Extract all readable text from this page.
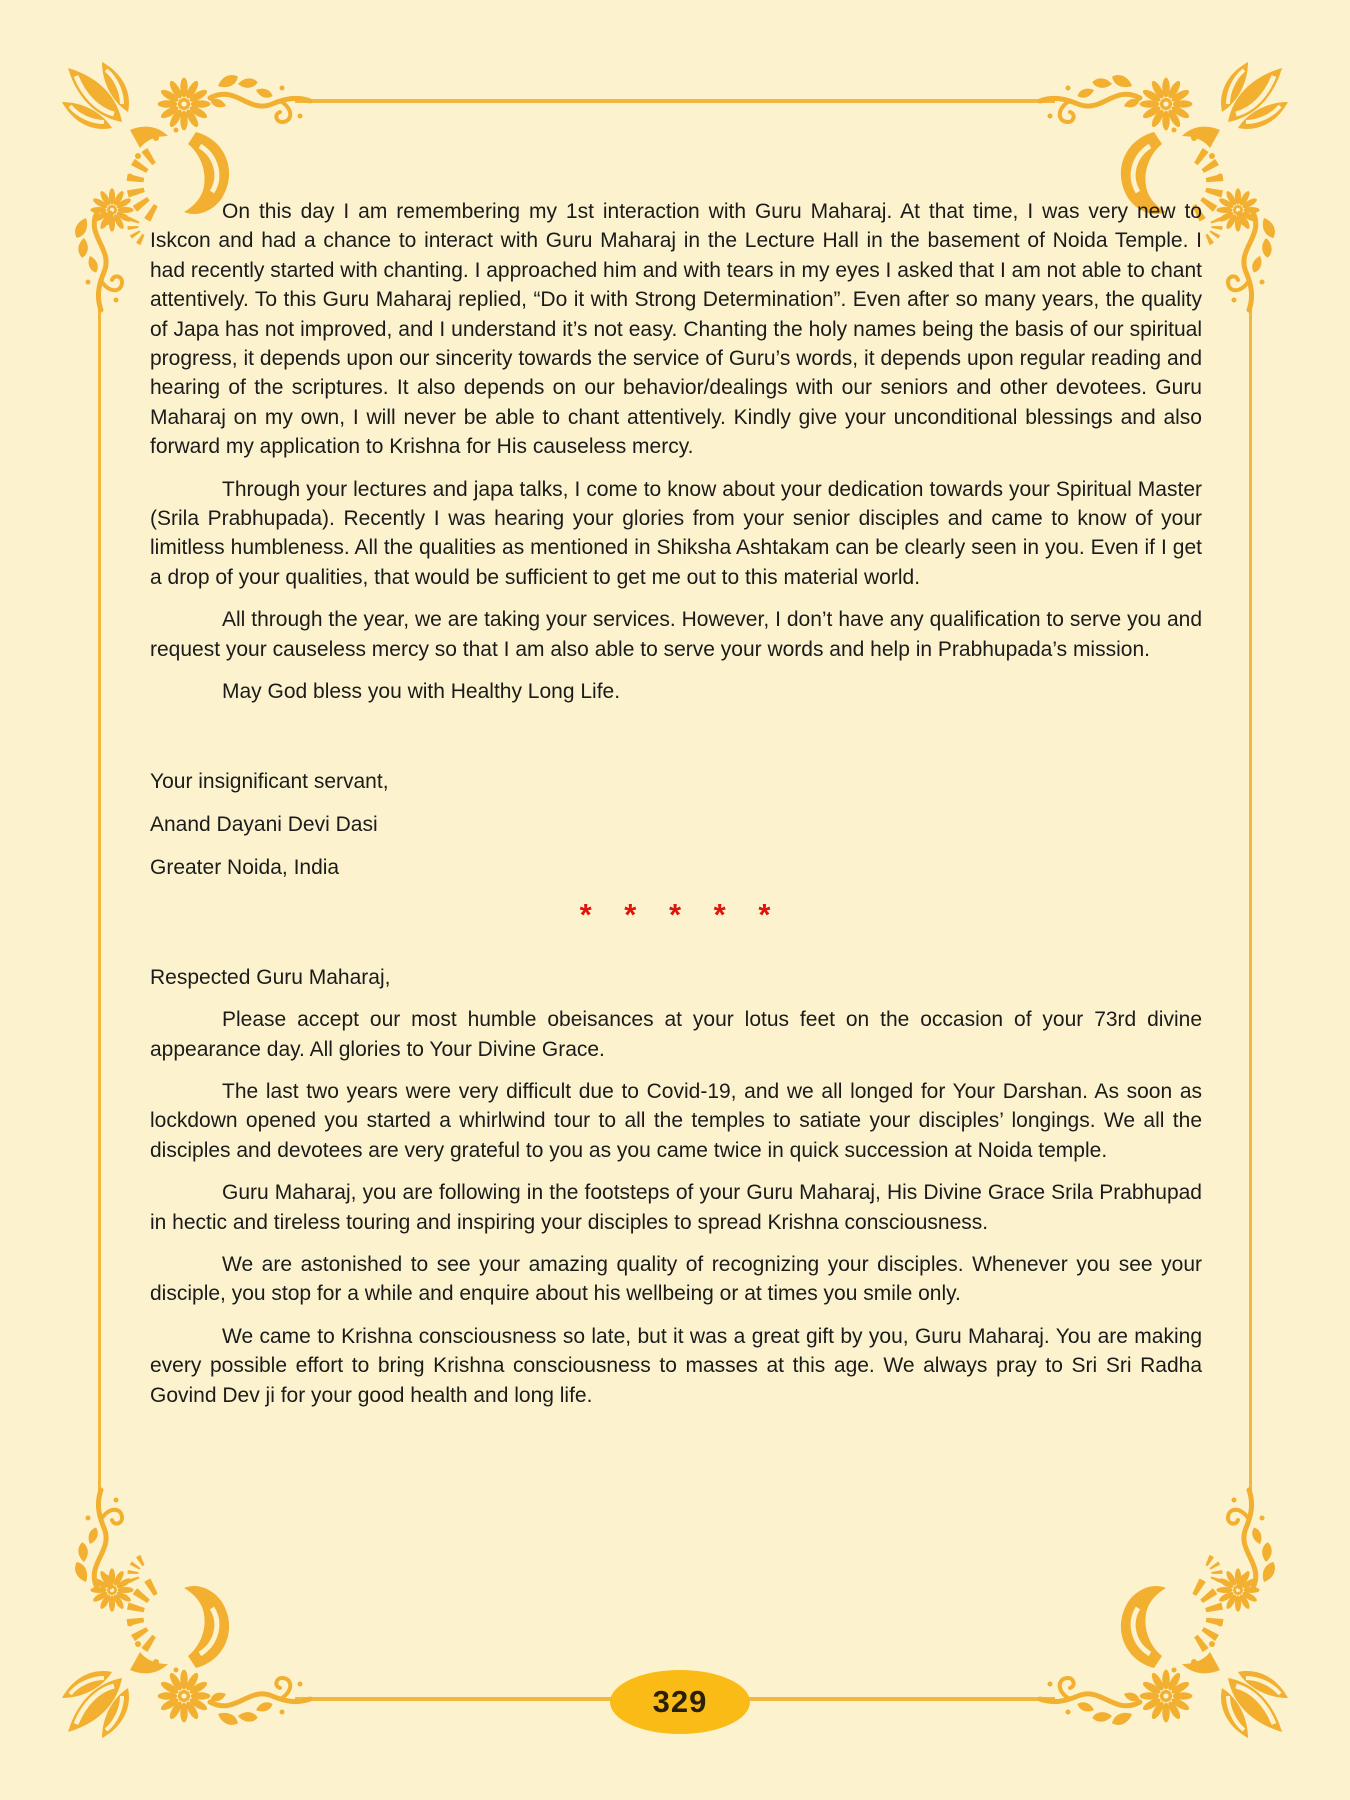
On this day I am remembering my 1st interaction with Guru Maharaj. At that time, I was very new to Iskcon and had a chance to interact with Guru Maharaj in the Lecture Hall in the basement of Noida Temple. I had recently started with chanting. I approached him and with tears in my eyes I asked that I am not able to chant attentively. To this Guru Maharaj replied, “Do it with Strong Determination”. Even after so many years, the quality of Japa has not improved, and I understand it’s not easy. Chanting the holy names being the basis of our spiritual progress, it depends upon our sincerity towards the service of Guru’s words, it depends upon regular reading and hearing of the scriptures. It also depends on our behavior/dealings with our seniors and other devotees. Guru Maharaj on my own, I will never be able to chant attentively. Kindly give your unconditional blessings and also forward my application to Krishna for His causeless mercy.

Through your lectures and japa talks, I come to know about your dedication towards your Spiritual Master (Srila Prabhupada). Recently I was hearing your glories from your senior disciples and came to know of your limitless humbleness. All the qualities as mentioned in Shiksha Ashtakam can be clearly seen in you. Even if I get a drop of your qualities, that would be sufficient to get me out to this material world.

All through the year, we are taking your services. However, I don’t have any qualification to serve you and request your causeless mercy so that I am also able to serve your words and help in Prabhupada’s mission.

May God bless you with Healthy Long Life.

Your insignificant servant,

Anand Dayani Devi Dasi

Greater Noida, India

* * * * *

Respected Guru Maharaj,

Please accept our most humble obeisances at your lotus feet on the occasion of your 73rd divine appearance day. All glories to Your Divine Grace.

The last two years were very difficult due to Covid-19, and we all longed for Your Darshan. As soon as lockdown opened you started a whirlwind tour to all the temples to satiate your disciples’ longings. We all the disciples and devotees are very grateful to you as you came twice in quick succession at Noida temple.

Guru Maharaj, you are following in the footsteps of your Guru Maharaj, His Divine Grace Srila Prabhupad in hectic and tireless touring and inspiring your disciples to spread Krishna consciousness.

We are astonished to see your amazing quality of recognizing your disciples. Whenever you see your disciple, you stop for a while and enquire about his wellbeing or at times you smile only.

We came to Krishna consciousness so late, but it was a great gift by you, Guru Maharaj. You are making every possible effort to bring Krishna consciousness to masses at this age. We always pray to Sri Sri Radha Govind Dev ji for your good health and long life.

329
